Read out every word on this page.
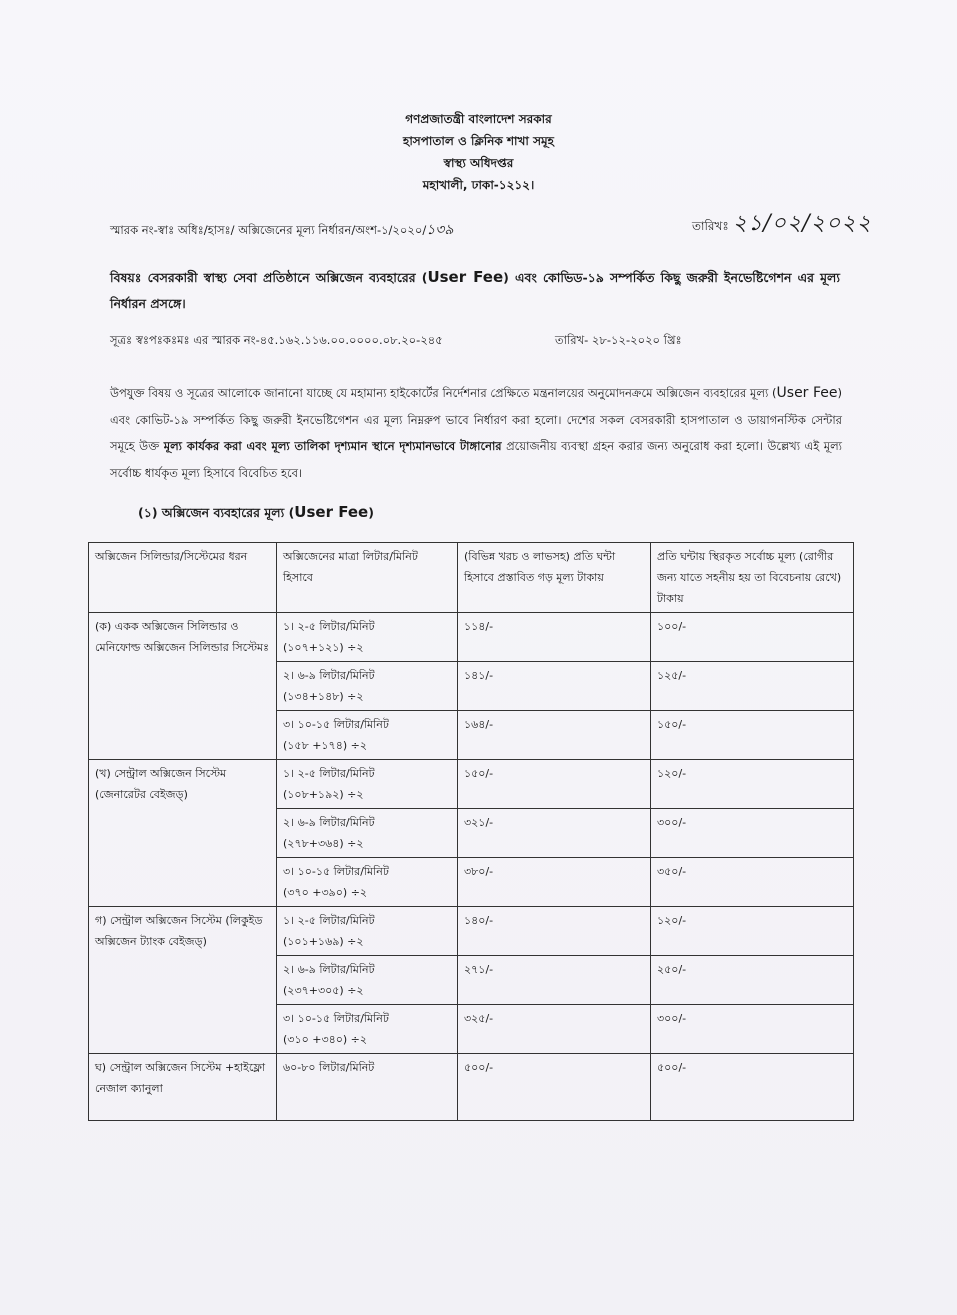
গণপ্রজাতন্ত্রী বাংলাদেশ সরকার
হাসপাতাল ও ক্লিনিক শাখা সমূহ
স্বাস্থ্য অধিদপ্তর
মহাখালী, ঢাকা-১২১২।
স্মারক নং-স্বাঃ অধিঃ/হাসঃ/ অক্সিজেনের মূল্য নির্ধারন/অংশ-১/২০২০/১৩৯	তারিখঃ ২১/০২/২০২২
বিষয়ঃ বেসরকারী স্বাস্থ্য সেবা প্রতিষ্ঠানে অক্সিজেন ব্যবহারের (User Fee) এবং কোভিড-১৯ সম্পর্কিত কিছু জরুরী ইনভেষ্টিগেশন এর মূল্য নির্ধারন প্রসঙ্গে।
সূত্রঃ স্বঃপঃকঃমঃ এর স্মারক নং-৪৫.১৬২.১১৬.০০.০০০০.০৮.২০-২৪৫	তারিখ- ২৮-১২-২০২০ খ্রিঃ
উপযুক্ত বিষয় ও সূত্রের আলোকে জানানো যাচ্ছে যে মহামান্য হাইকোর্টের নির্দেশনার প্রেক্ষিতে মন্ত্রনালয়ের অনুমোদনক্রমে অক্সিজেন ব্যবহারের মূল্য (User Fee) এবং কোভিট-১৯ সম্পর্কিত কিছু জরুরী ইনভেষ্টিগেশন এর মূল্য নিম্নরুপ ভাবে নির্ধারণ করা হলো। দেশের সকল বেসরকারী হাসপাতাল ও ডায়াগনস্টিক সেন্টার সমূহে উক্ত মূল্য কার্যকর করা এবং মূল্য তালিকা দৃশ্যমান স্থানে দৃশ্যমানভাবে টাঙ্গানোর প্রয়োজনীয় ব্যবস্থা গ্রহন করার জন্য অনুরোধ করা হলো। উল্লেখ্য এই মূল্য সর্বোচ্চ ধার্যকৃত মূল্য হিসাবে বিবেচিত হবে।
(১) অক্সিজেন ব্যবহারের মূল্য (User Fee)
অক্সিজেন সিলিন্ডার/সিস্টেমের ধরন	অক্সিজেনের মাত্রা লিটার/মিনিট হিসাবে	(বিভিন্ন খরচ ও লাভসহ) প্রতি ঘন্টা হিসাবে প্রস্তাবিত গড় মূল্য টাকায়	প্রতি ঘন্টায় স্থিরকৃত সর্বোচ্চ মূল্য (রোগীর জন্য যাতে সহনীয় হয় তা বিবেচনায় রেখে) টাকায়
(ক) একক অক্সিজেন সিলিন্ডার ও মেনিফোল্ড অক্সিজেন সিলিন্ডার সিস্টেমঃ	১। ২-৫ লিটার/মিনিট
(১০৭+১২১) ÷২	১১৪/-	১০০/-

	২। ৬-৯ লিটার/মিনিট
(১৩৪+১৪৮) ÷২	১৪১/-	১২৫/-

	৩। ১০-১৫ লিটার/মিনিট
(১৫৮ +১৭৪) ÷২	১৬৪/-	১৫০/-
(খ) সেন্ট্রাল অক্সিজেন সিস্টেম (জেনারেটর বেইজড্)	১। ২-৫ লিটার/মিনিট
(১০৮+১৯২) ÷২	১৫০/-	১২০/-

	২। ৬-৯ লিটার/মিনিট
(২৭৮+৩৬৪) ÷২	৩২১/-	৩০০/-

	৩। ১০-১৫ লিটার/মিনিট
(৩৭০ +৩৯০) ÷২	৩৮০/-	৩৫০/-
গ) সেন্ট্রাল অক্সিজেন সিস্টেম (লিকুইড অক্সিজেন ট্যাংক বেইজড্)	১। ২-৫ লিটার/মিনিট
(১০১+১৬৯) ÷২	১৪০/-	১২০/-

	২। ৬-৯ লিটার/মিনিট
(২৩৭+৩০৫) ÷২	২৭১/-	২৫০/-

	৩। ১০-১৫ লিটার/মিনিট
(৩১০ +৩৪০) ÷২	৩২৫/-	৩০০/-
ঘ) সেন্ট্রাল অক্সিজেন সিস্টেম +হাইফ্লো নেজাল ক্যানুলা	৬০-৮০ লিটার/মিনিট	৫০০/-	৫০০/-
